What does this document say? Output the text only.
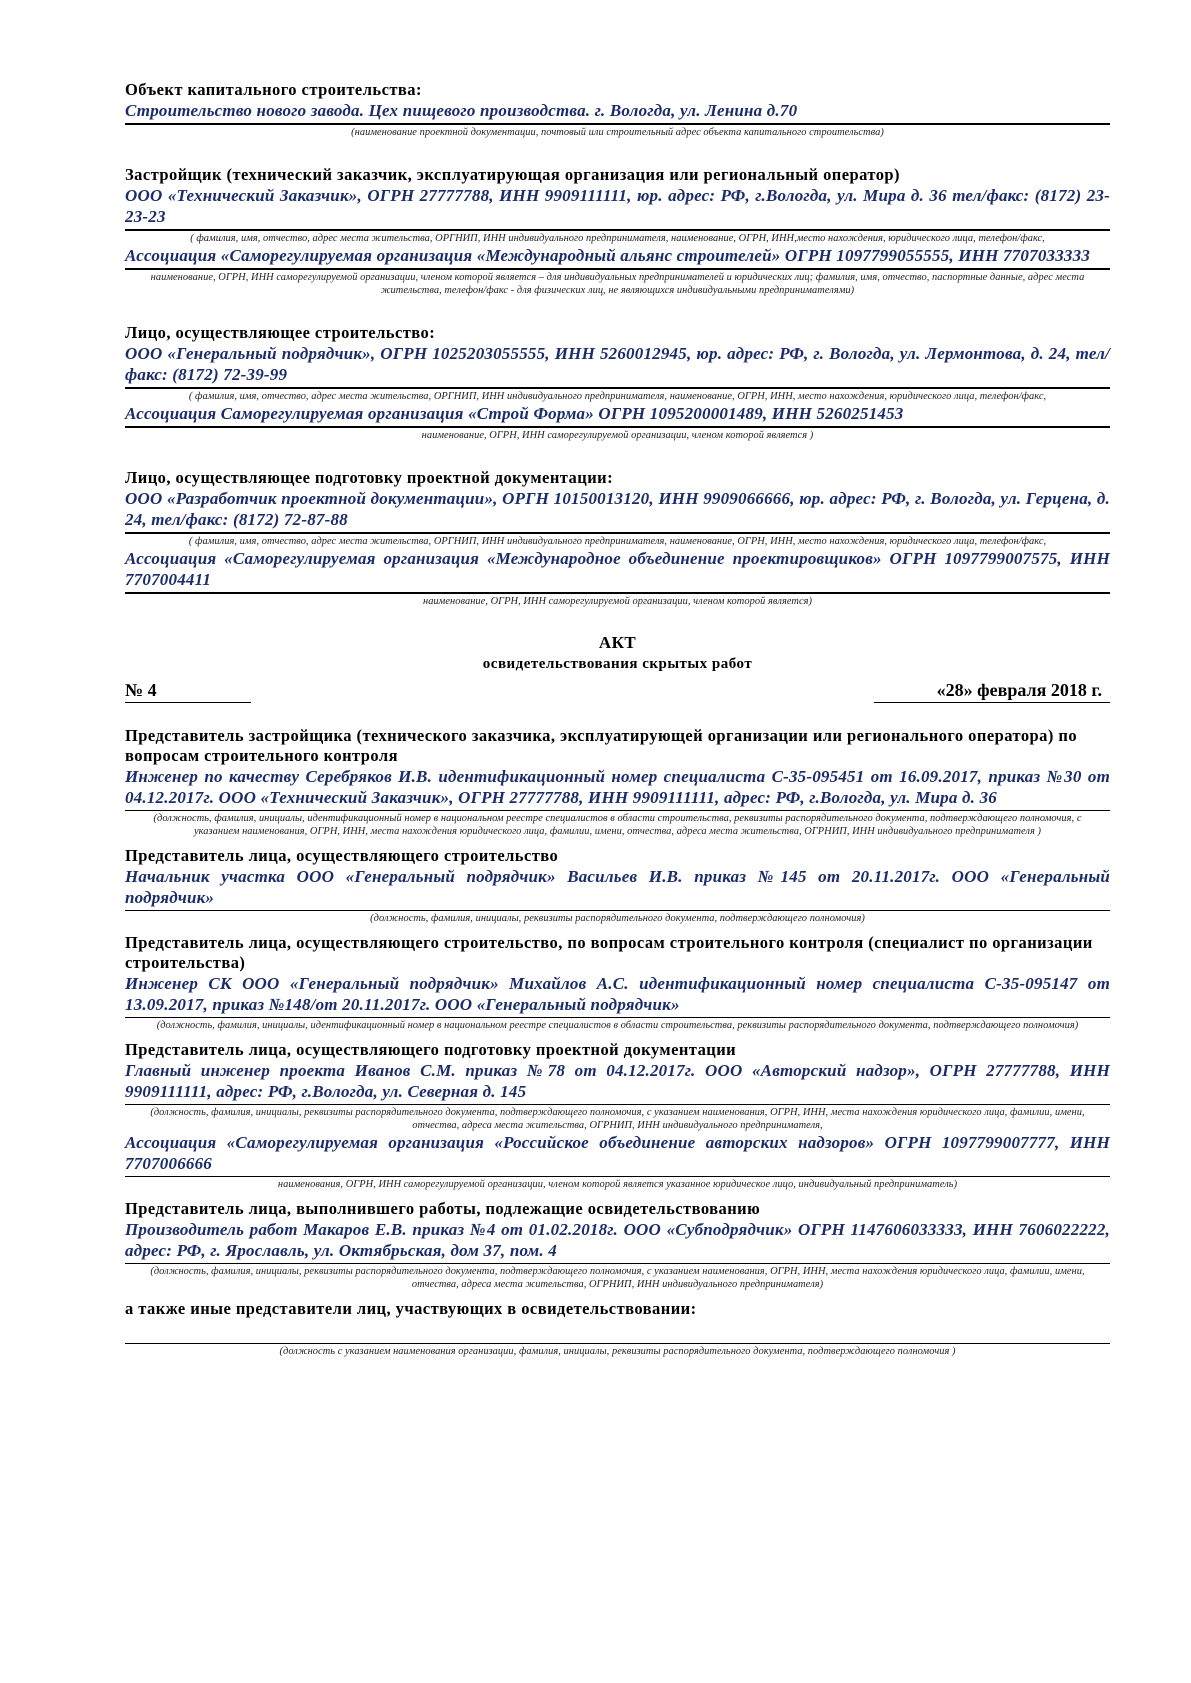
Объект капитального строительства:
Строительство нового завода. Цех пищевого производства. г. Вологда, ул. Ленина д.70
(наименование проектной документации, почтовый или строительный адрес объекта капитального строительства)
Застройщик (технический заказчик, эксплуатирующая организация или региональный оператор)
ООО «Технический Заказчик», ОГРН 27777788, ИНН 9909111111, юр. адрес: РФ, г.Вологда, ул. Мира д. 36 тел/факс: (8172) 23-23-23
( фамилия, имя, отчество, адрес места жительства, ОРГНИП, ИНН индивидуального предпринимателя, наименование, ОГРН, ИНН,место нахождения, юридического лица, телефон/факс,
Ассоциация «Саморегулируемая организация «Международный альянс строителей» ОГРН 1097799055555, ИНН 7707033333
наименование, ОГРН, ИНН саморегулируемой организации, членом которой является – для индивидуальных предпринимателей и юридических лиц; фамилия, имя, отчество, паспортные данные, адрес места жительства, телефон/факс - для физических лиц, не являющихся индивидуальными предпринимателями)
Лицо, осуществляющее строительство:
ООО «Генеральный подрядчик», ОГРН 1025203055555, ИНН 5260012945, юр. адрес: РФ, г. Вологда, ул. Лермонтова, д. 24, тел/факс: (8172) 72-39-99
( фамилия, имя, отчество, адрес места жительства, ОРГНИП, ИНН индивидуального предпринимателя, наименование, ОГРН, ИНН, место нахождения, юридического лица, телефон/факс,
Ассоциация Саморегулируемая организация «Строй Форма» ОГРН 1095200001489, ИНН 5260251453
наименование, ОГРН, ИНН саморегулируемой организации, членом которой является )
Лицо, осуществляющее подготовку проектной документации:
ООО «Разработчик проектной документации», ОРГН 10150013120, ИНН 9909066666, юр. адрес: РФ, г. Вологда, ул. Герцена, д. 24, тел/факс: (8172) 72-87-88
( фамилия, имя, отчество, адрес места жительства, ОРГНИП, ИНН индивидуального предпринимателя, наименование, ОГРН, ИНН, место нахождения, юридического лица, телефон/факс,
Ассоциация «Саморегулируемая организация «Международное объединение проектировщиков» ОГРН 1097799007575, ИНН 7707004411
наименование, ОГРН, ИНН саморегулируемой организации, членом которой является)
АКТ
освидетельствования скрытых работ
№ 4	«28» февраля 2018 г.
Представитель застройщика (технического заказчика, эксплуатирующей организации или регионального оператора) по вопросам строительного контроля
Инженер по качеству Серебряков И.В. идентификационный номер специалиста С-35-095451 от 16.09.2017, приказ №30 от 04.12.2017г. ООО «Технический Заказчик», ОГРН 27777788, ИНН 9909111111, адрес: РФ, г.Вологда, ул. Мира д. 36
(должность, фамилия, инициалы, идентификационный номер в национальном реестре специалистов в области строительства, реквизиты распорядительного документа, подтверждающего полномочия, с указанием наименования, ОГРН, ИНН, места нахождения юридического лица, фамилии, имени, отчества, адреса места жительства, ОГРНИП, ИНН индивидуального предпринимателя )
Представитель лица, осуществляющего строительство
Начальник участка ООО «Генеральный подрядчик» Васильев И.В. приказ №145 от 20.11.2017г. ООО «Генеральный подрядчик»
(должность, фамилия, инициалы, реквизиты распорядительного документа, подтверждающего полномочия)
Представитель лица, осуществляющего строительство, по вопросам строительного контроля (специалист по организации строительства)
Инженер СК ООО «Генеральный подрядчик» Михайлов А.С. идентификационный номер специалиста С-35-095147 от 13.09.2017, приказ №148/от 20.11.2017г. ООО «Генеральный подрядчик»
(должность, фамилия, инициалы, идентификационный номер в национальном реестре специалистов в области строительства, реквизиты распорядительного документа, подтверждающего полномочия)
Представитель лица, осуществляющего подготовку проектной документации
Главный инженер проекта Иванов С.М. приказ №78 от 04.12.2017г. ООО «Авторский надзор», ОГРН 27777788, ИНН 9909111111, адрес: РФ, г.Вологда, ул. Северная д. 145
(должность, фамилия, инициалы, реквизиты распорядительного документа, подтверждающего полномочия, с указанием наименования, ОГРН, ИНН, места нахождения юридического лица, фамилии, имени, отчества, адреса места жительства, ОГРНИП, ИНН индивидуального предпринимателя,
Ассоциация «Саморегулируемая организация «Российское объединение авторских надзоров» ОГРН 1097799007777, ИНН 7707006666
наименования, ОГРН, ИНН саморегулируемой организации, членом которой является указанное юридическое лицо, индивидуальный предприниматель)
Представитель лица, выполнившего работы, подлежащие освидетельствованию
Производитель работ Макаров Е.В. приказ №4 от 01.02.2018г. ООО «Субподрядчик» ОГРН 1147606033333, ИНН 7606022222, адрес: РФ, г. Ярославль, ул. Октябрьская, дом 37, пом. 4
(должность, фамилия, инициалы, реквизиты распорядительного документа, подтверждающего полномочия, с указанием наименования, ОГРН, ИНН, места нахождения юридического лица, фамилии, имени, отчества, адреса места жительства, ОГРНИП, ИНН индивидуального предпринимателя)
а также иные представители лиц, участвующих в освидетельствовании:
(должность с указанием наименования организации, фамилия, инициалы, реквизиты распорядительного документа, подтверждающего полномочия )
